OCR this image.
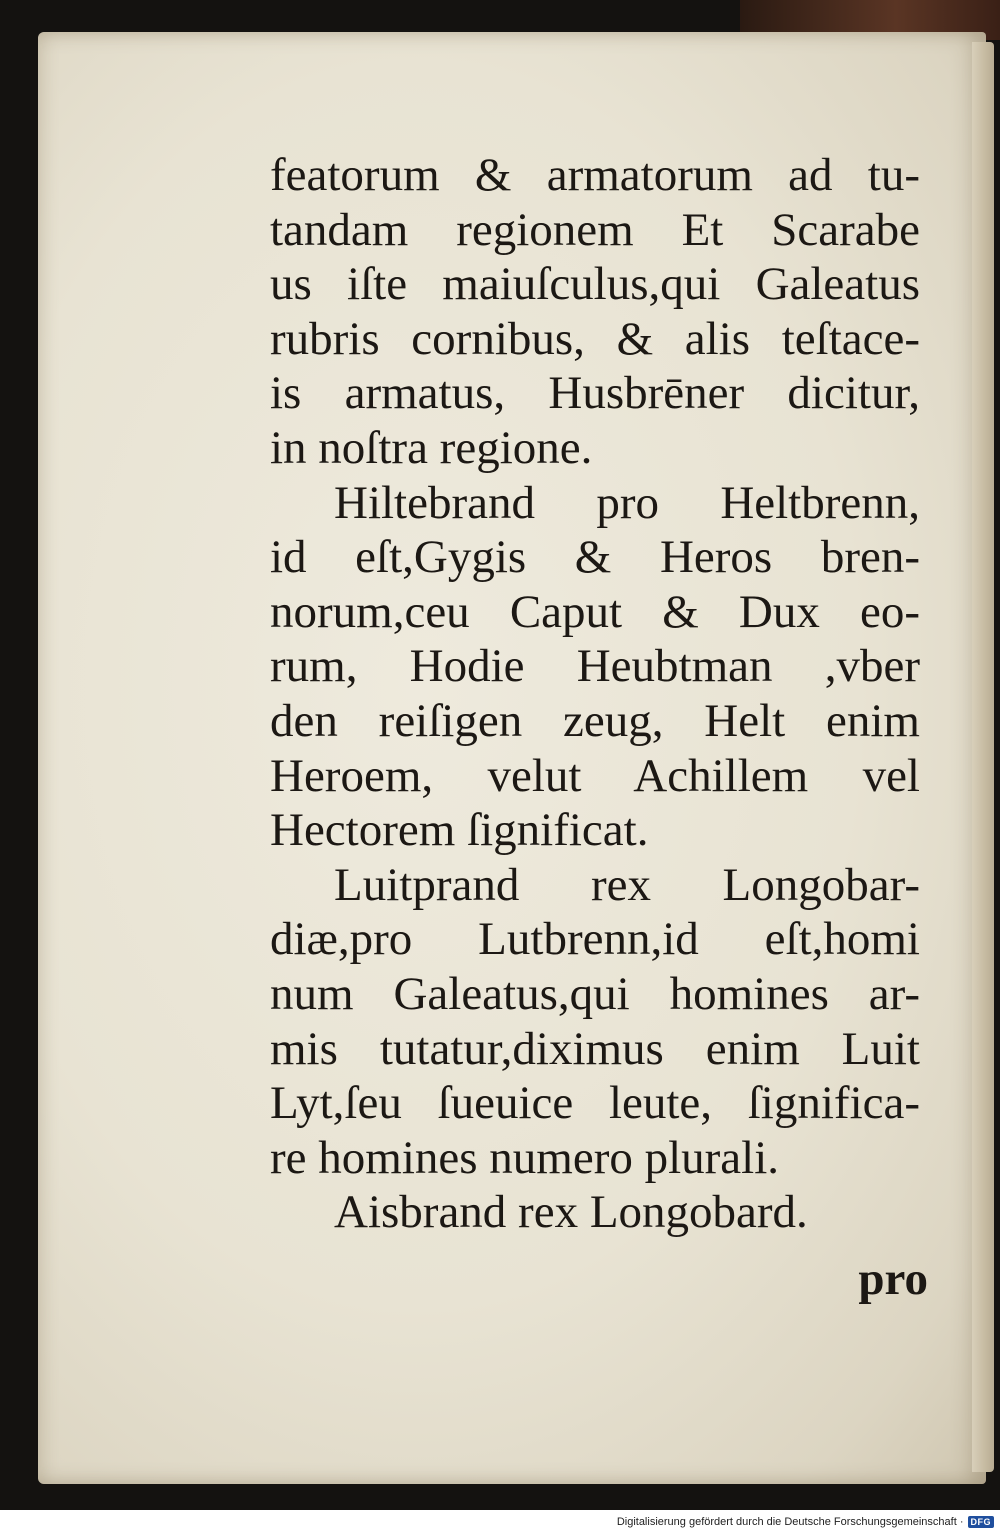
featorum & armatorum ad tu-
tandam regionem Et Scarabe
us iſte maiuſculus,qui Galeatus
rubris cornibus, & alis teſtace-
is armatus, Husbrēner dicitur,
in noſtra regione.
Hiltebrand pro Heltbrenn,
id eſt,Gygis & Heros bren-
norum,ceu Caput & Dux eo-
rum, Hodie Heubtman ,vber
den reiſigen zeug, Helt enim
Heroem, velut Achillem vel
Hectorem ſignificat.
Luitprand rex Longobar-
diæ,pro Lutbrenn,id eſt,homi
num Galeatus,qui homines ar-
mis tutatur,diximus enim Luit
Lyt,ſeu ſueuice leute, ſignifica-
re homines numero plurali.
Aisbrand rex Longobard.
pro
Digitalisierung gefördert durch die Deutsche Forschungsgemeinschaft · DFG
